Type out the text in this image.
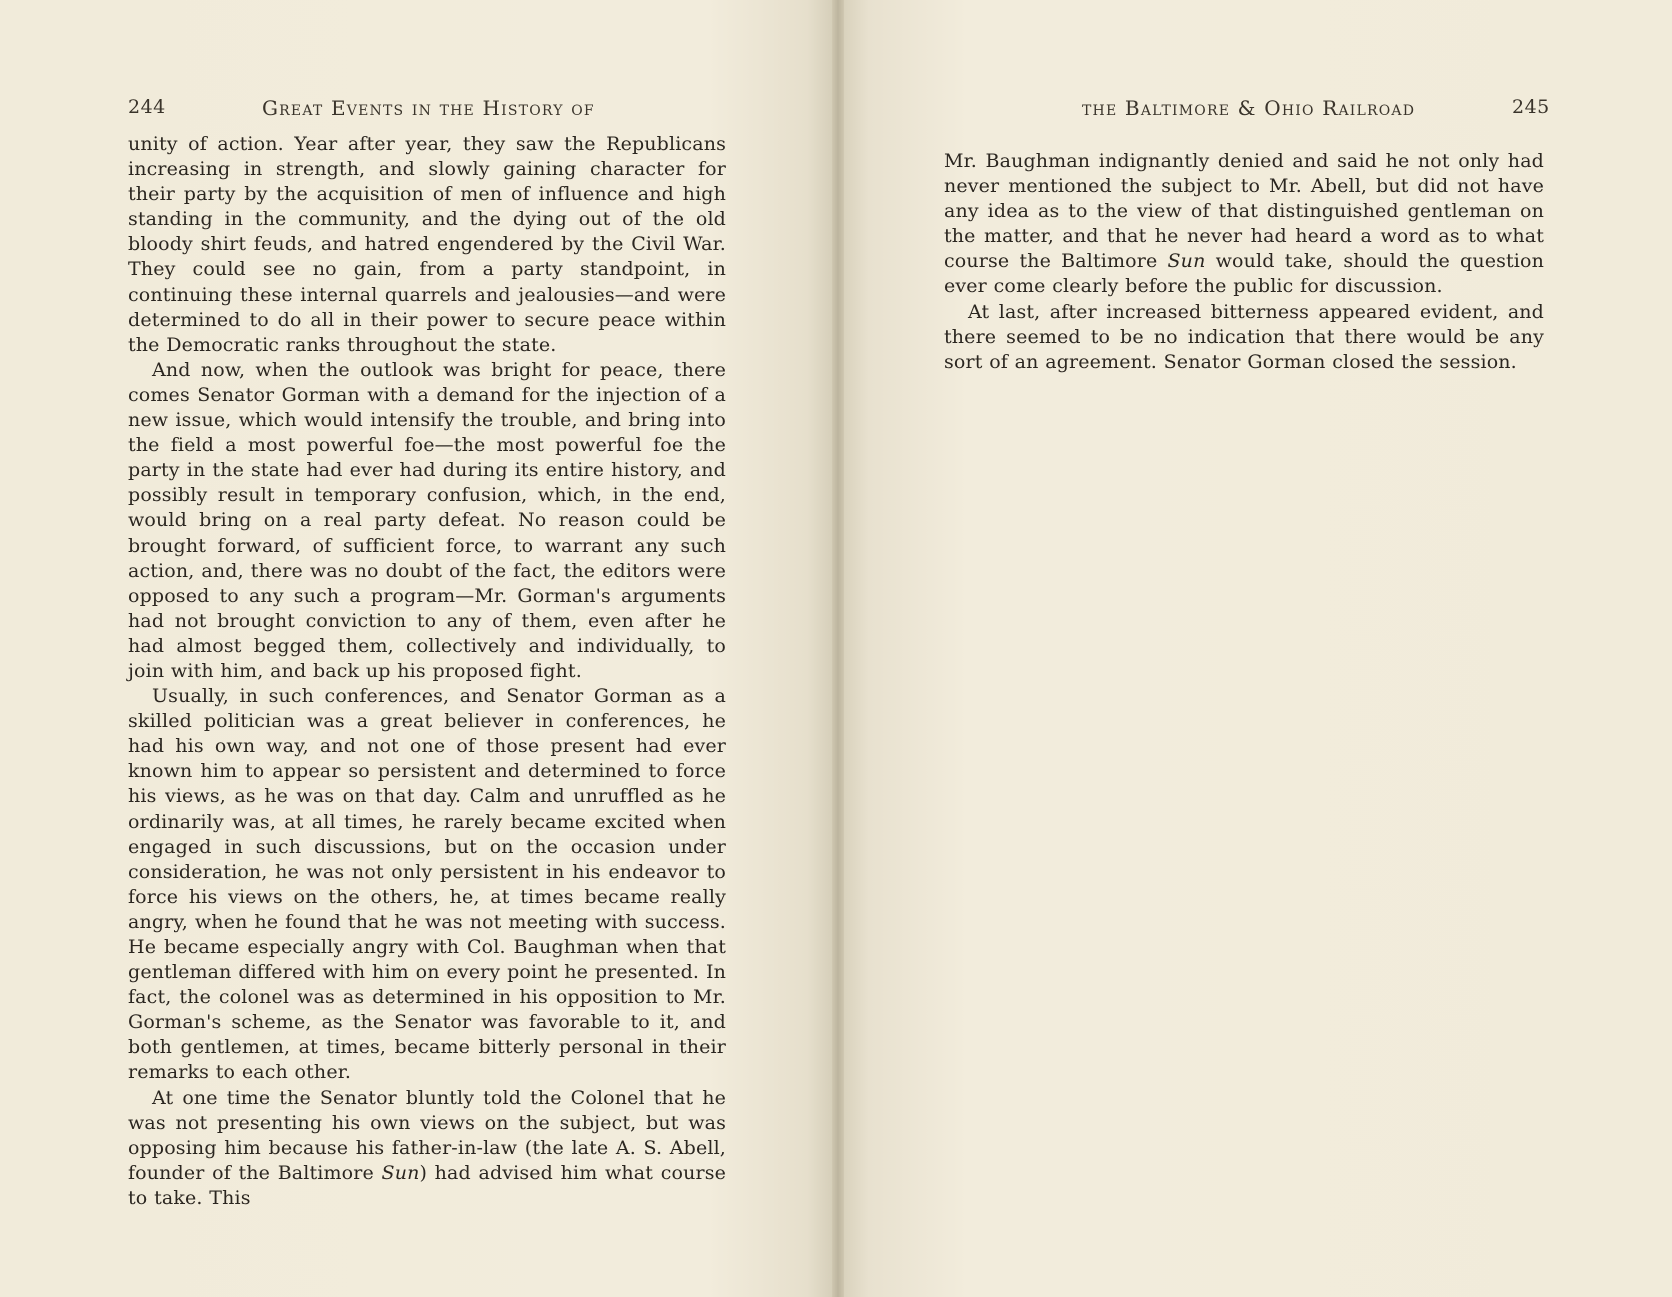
244	Great Events in the History of

unity of action. Year after year, they saw the Republicans increasing in strength, and slowly gaining character for their party by the acquisition of men of influence and high standing in the community, and the dying out of the old bloody shirt feuds, and hatred engendered by the Civil War. They could see no gain, from a party standpoint, in continuing these internal quarrels and jealousies—and were determined to do all in their power to secure peace within the Democratic ranks throughout the state.

And now, when the outlook was bright for peace, there comes Senator Gorman with a demand for the injection of a new issue, which would intensify the trouble, and bring into the field a most powerful foe—the most powerful foe the party in the state had ever had during its entire history, and possibly result in temporary confusion, which, in the end, would bring on a real party defeat. No reason could be brought forward, of sufficient force, to warrant any such action, and, there was no doubt of the fact, the editors were opposed to any such a program—Mr. Gorman's arguments had not brought conviction to any of them, even after he had almost begged them, collectively and individually, to join with him, and back up his proposed fight.

Usually, in such conferences, and Senator Gorman as a skilled politician was a great believer in conferences, he had his own way, and not one of those present had ever known him to appear so persistent and determined to force his views, as he was on that day. Calm and unruffled as he ordinarily was, at all times, he rarely became excited when engaged in such discussions, but on the occasion under consideration, he was not only persistent in his endeavor to force his views on the others, he, at times became really angry, when he found that he was not meeting with success. He became especially angry with Col. Baughman when that gentleman differed with him on every point he presented. In fact, the colonel was as determined in his opposition to Mr. Gorman's scheme, as the Senator was favorable to it, and both gentlemen, at times, became bitterly personal in their remarks to each other.

At one time the Senator bluntly told the Colonel that he was not presenting his own views on the subject, but was opposing him because his father-in-law (the late A. S. Abell, founder of the Baltimore Sun) had advised him what course to take. This

the Baltimore & Ohio Railroad	245

Mr. Baughman indignantly denied and said he not only had never mentioned the subject to Mr. Abell, but did not have any idea as to the view of that distinguished gentleman on the matter, and that he never had heard a word as to what course the Baltimore Sun would take, should the question ever come clearly before the public for discussion.

At last, after increased bitterness appeared evident, and there seemed to be no indication that there would be any sort of an agreement. Senator Gorman closed the session.
